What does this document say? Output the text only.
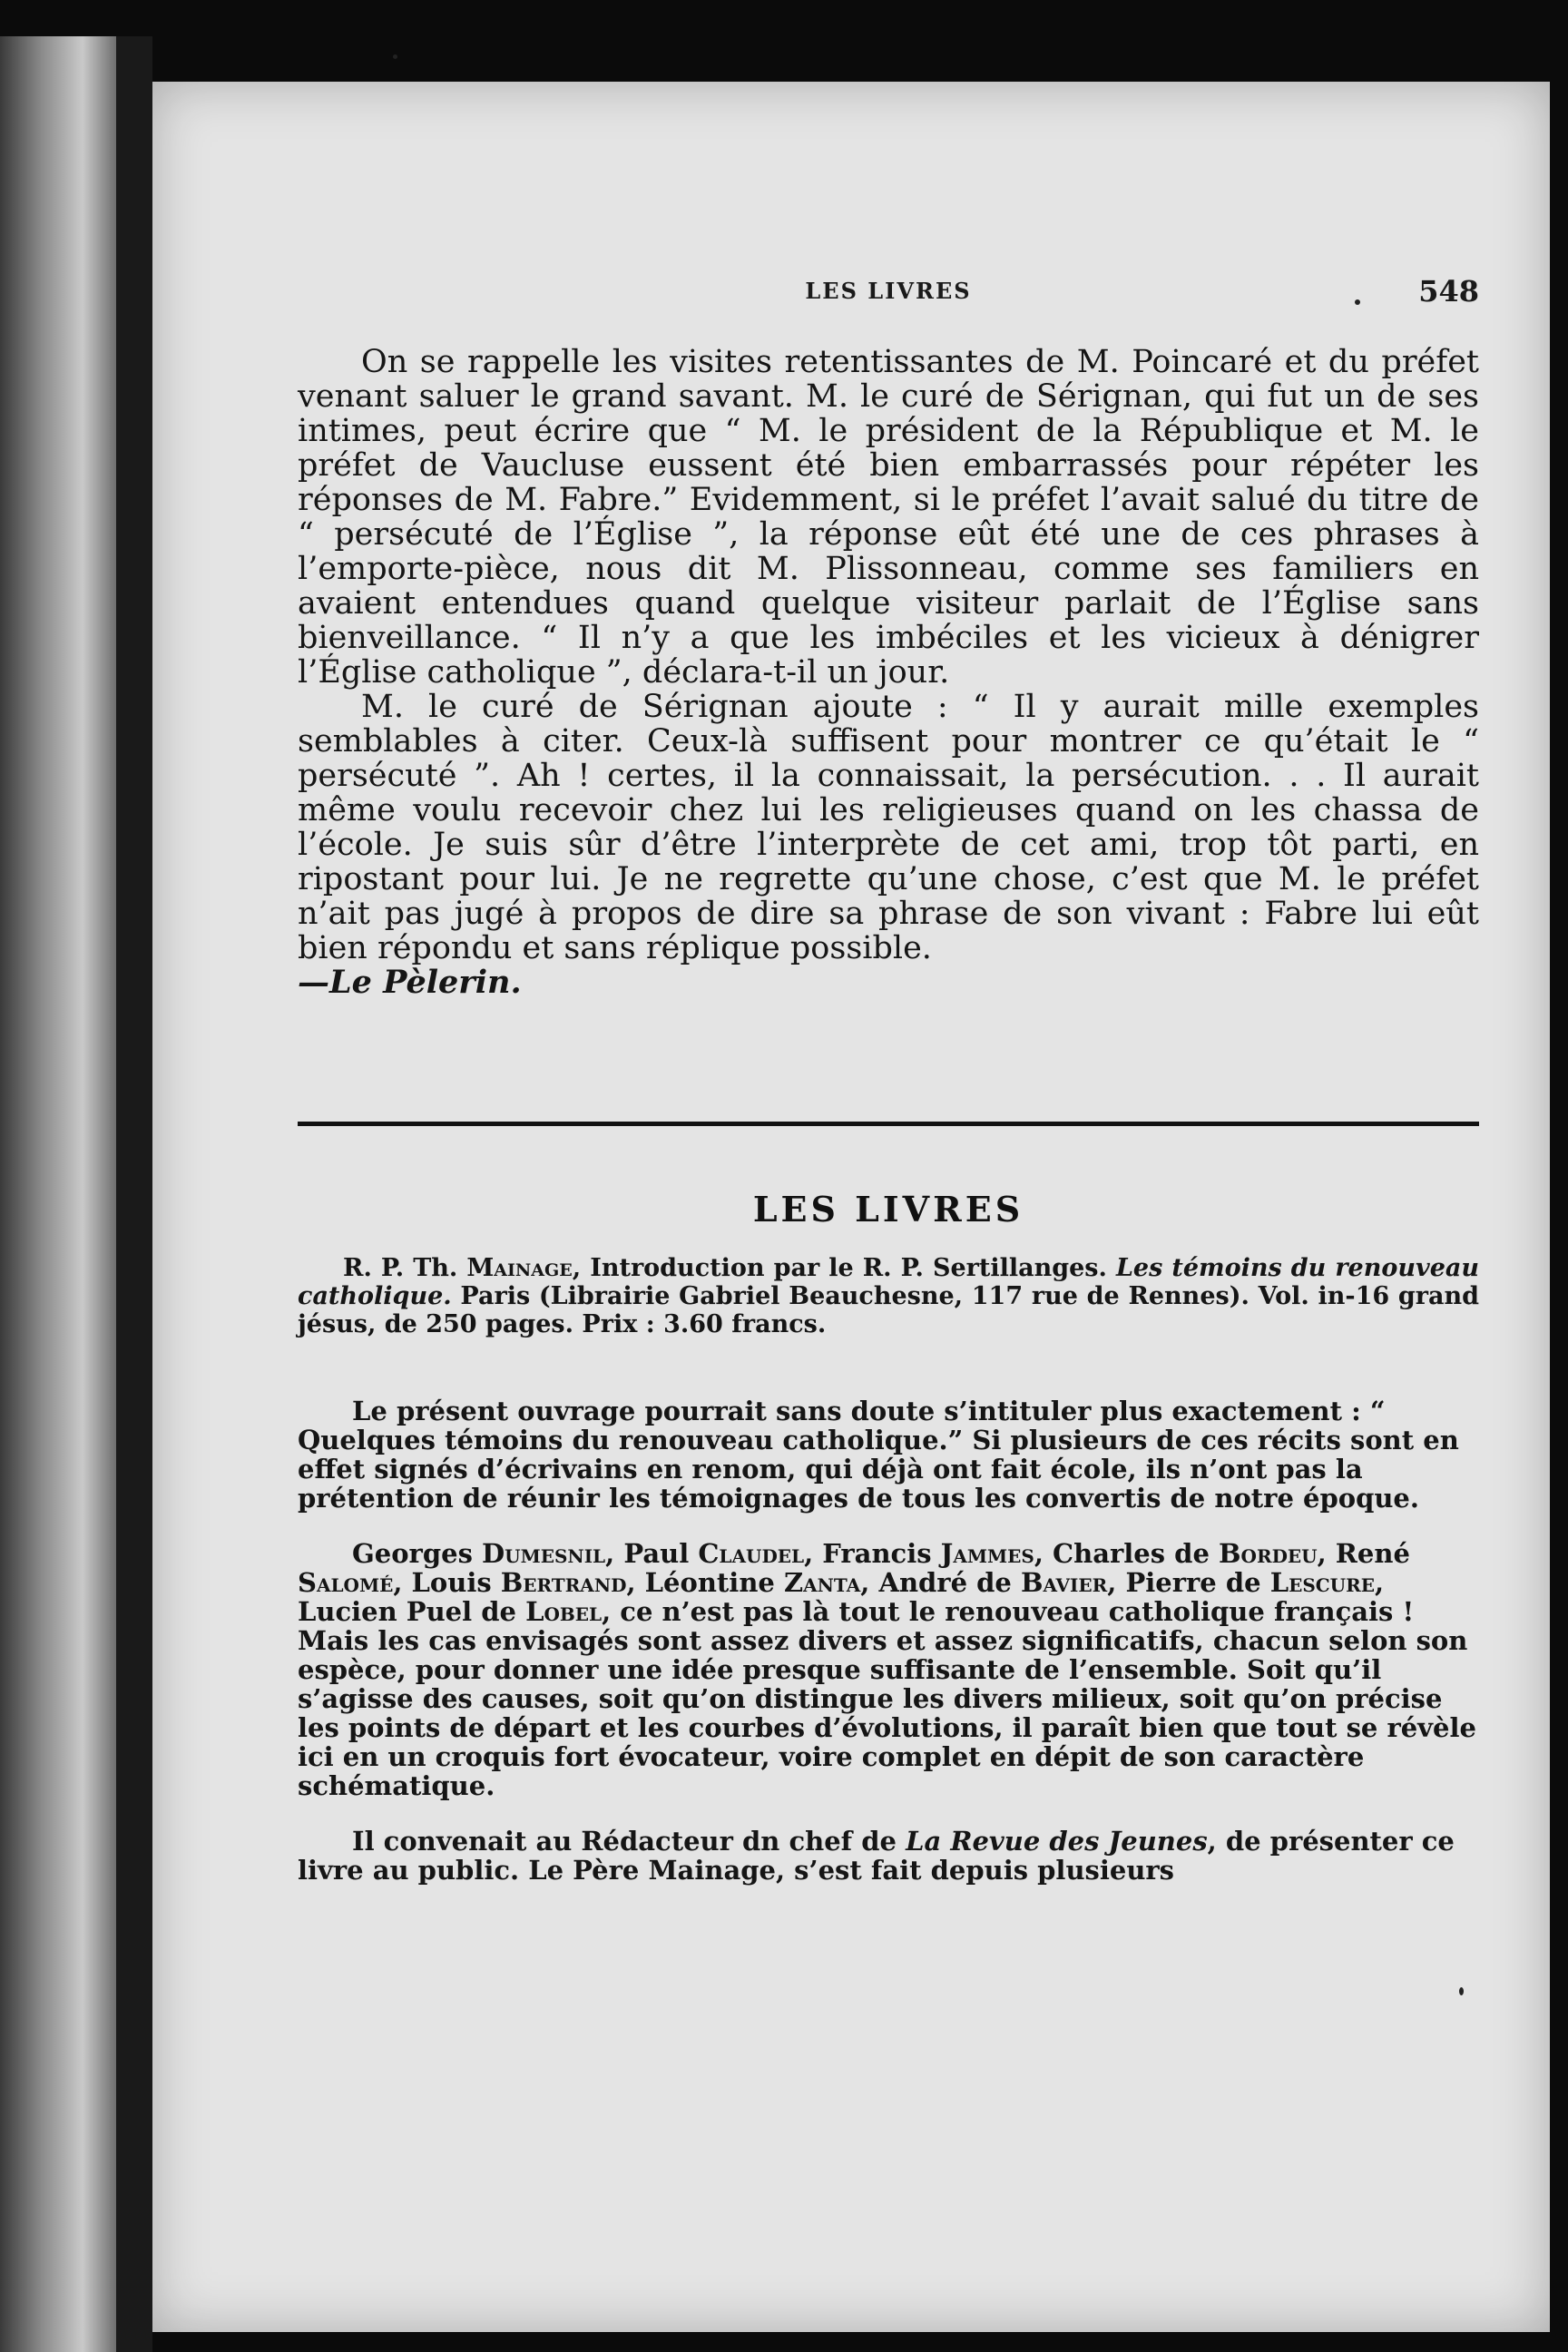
LES LIVRES	548

On se rappelle les visites retentissantes de M. Poincaré et du préfet venant saluer le grand savant. M. le curé de Sérignan, qui fut un de ses intimes, peut écrire que “ M. le président de la République et M. le préfet de Vaucluse eussent été bien embarrassés pour répéter les réponses de M. Fabre.” Evidemment, si le préfet l’avait salué du titre de “ persécuté de l’Église ”, la réponse eût été une de ces phrases à l’emporte-pièce, nous dit M. Plissonneau, comme ses familiers en avaient entendues quand quelque visiteur parlait de l’Église sans bienveillance. “ Il n’y a que les imbéciles et les vicieux à dénigrer l’Église catholique ”, déclara-t-il un jour.

M. le curé de Sérignan ajoute : “ Il y aurait mille exemples semblables à citer. Ceux-là suffisent pour montrer ce qu’était le “ persécuté ”. Ah ! certes, il la connaissait, la persécution. . . Il aurait même voulu recevoir chez lui les religieuses quand on les chassa de l’école. Je suis sûr d’être l’interprète de cet ami, trop tôt parti, en ripostant pour lui. Je ne regrette qu’une chose, c’est que M. le préfet n’ait pas jugé à propos de dire sa phrase de son vivant : Fabre lui eût bien répondu et sans réplique possible.

—Le Pèlerin.

LES LIVRES

R. P. Th. Mainage, Introduction par le R. P. Sertillanges. Les témoins du renouveau catholique. Paris (Librairie Gabriel Beauchesne, 117 rue de Rennes). Vol. in-16 grand jésus, de 250 pages. Prix : 3.60 francs.

Le présent ouvrage pourrait sans doute s’intituler plus exactement : “ Quelques témoins du renouveau catholique.” Si plusieurs de ces récits sont en effet signés d’écrivains en renom, qui déjà ont fait école, ils n’ont pas la prétention de réunir les témoignages de tous les convertis de notre époque.

Georges Dumesnil, Paul Claudel, Francis Jammes, Charles de Bordeu, René Salomé, Louis Bertrand, Léontine Zanta, André de Bavier, Pierre de Lescure, Lucien Puel de Lobel, ce n’est pas là tout le renouveau catholique français ! Mais les cas envisagés sont assez divers et assez significatifs, chacun selon son espèce, pour donner une idée presque suffisante de l’ensemble. Soit qu’il s’agisse des causes, soit qu’on distingue les divers milieux, soit qu’on précise les points de départ et les courbes d’évolutions, il paraît bien que tout se révèle ici en un croquis fort évocateur, voire complet en dépit de son caractère schématique.

Il convenait au Rédacteur dn chef de La Revue des Jeunes, de présenter ce livre au public. Le Père Mainage, s’est fait depuis plusieurs
